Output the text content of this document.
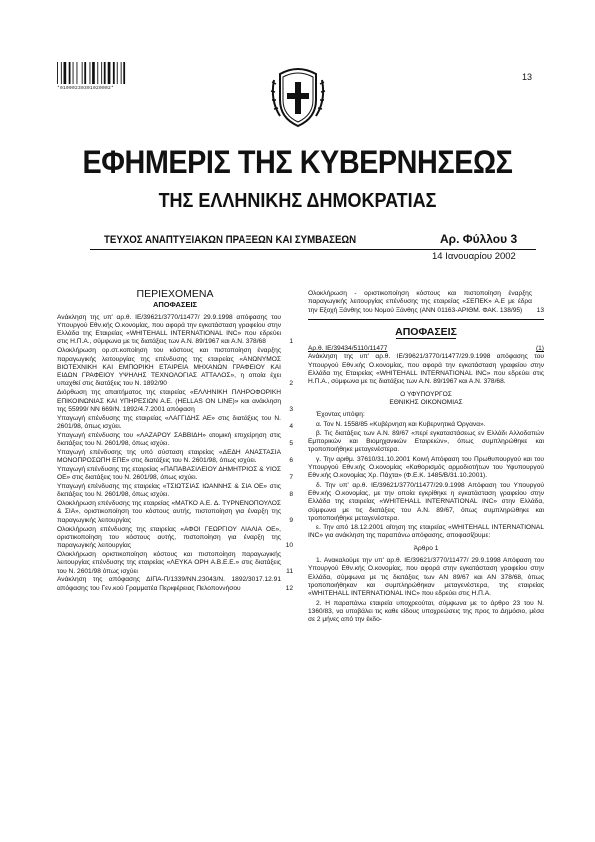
*01000230301020002*
13
ΕΦΗΜΕΡΙΣ ΤΗΣ ΚΥΒΕΡΝΗΣΕΩΣ
ΤΗΣ ΕΛΛΗΝΙΚΗΣ ΔΗΜΟΚΡΑΤΙΑΣ
ΤΕΥΧΟΣ ΑΝΑΠΤΥΞΙΑΚΩΝ ΠΡΑΞΕΩΝ ΚΑΙ ΣΥΜΒΑΣΕΩΝ	Αρ. Φύλλου 3
14 Ιανουαρίου 2002
ΠΕΡΙΕΧΟΜΕΝΑ
ΑΠΟΦΑΣΕΙΣ
Ανάκληση της υπ' αρ.θ. ΙΕ/39621/3770/11477/ 29.9.1998 απόφασης του Υπουργού Εθν.κής Ο.κονομίας, που αφορά την εγκατάσταση γραφείου στην Ελλάδα της Εταιρείας «WHITEHALL INTERNATIONAL INC» που εδρεύει στις Η.Π.Α., σύμφωνα με τις διατάξεις των Α.Ν. 89/1967 και Α.Ν. 378/68	1
Ολοκλήρωση ορ.στ.κοποίηση του κόστους και πιστοποίηση έναρξης παραγωγικής λειτουργίας της επένδυσης της εταιρείας «ΑΝΩΝΥΜΟΣ ΒΙΟΤΕΧΝΙΚΗ ΚΑΙ ΕΜΠΟΡΙΚΗ ΕΤΑΙΡΕΙΑ ΜΗΧΑΝΩΝ ΓΡΑΦΕΙΟΥ ΚΑΙ ΕΙΔΩΝ ΓΡΑΦΕΙΟΥ ΥΨΗΛΗΣ ΤΕΧΝΟΛΟΓΙΑΣ ΑΤΤΑΛΟΣ», η οποία έχει υπαχθεί στις διατάξεις του Ν. 1892/90	2
Διόρθωση της απαιτήματος της εταιρείας «ΕΛΛΗΝΙΚΗ ΠΛΗΡΟΦΟΡΙΚΗ ΕΠΙΚΟΙΝΩΝΙΑΣ ΚΑΙ ΥΠΗΡΕΣΙΩΝ Α.Ε. (HELLAS ON LINE)» και ανάκληση της 55999/ ΝΝ 669/Ν. 1892/4.7.2001 απόφαση	3
Υπαγωγή επένδυσης της εταιρείας «ΛΑΓΓΙΔΗΣ ΑΕ» στις διατάξεις του Ν. 2601/98, όπως ισχύει.	4
Υπαγωγή επένδυσης του «ΛΑΖΑΡΟΥ ΣΑΒΒΙΔΗ» ατομική επιχείρηση στις διατάξεις του Ν. 2601/98, όπως ισχύει.	5
Υπαγωγή επένδυσης της υπό σύσταση εταιρείας «ΔΕΔΗ ΑΝΑΣΤΑΣΙΑ ΜΟΝΟΠΡΟΣΩΠΗ ΕΠΕ» στις διατάξεις του Ν. 2601/98, όπως ισχύει.	6
Υπαγωγή επένδυσης της εταιρείας «ΠΑΠΑΒΑΣΙΛΕΙΟΥ ΔΗΜΗΤΡΙΟΣ & ΥΙΟΣ ΟΕ» στις διατάξεις του Ν. 2601/98, όπως ισχύει.	7
Υπαγωγή επένδυσης της εταιρείας «ΤΣΙΩΤΣΙΑΣ ΙΩΑΝΝΗΣ & ΣΙΑ ΟΕ» στις διατάξεις του Ν. 2601/98, όπως ισχύει.	8
Ολοκλήρωση επένδυσης της εταιρείας «ΜΑΤΚΟ Α.Ε. Δ. ΤΥΡΝΕΝΟΠΟΥΛΟΣ & ΣΙΑ», οριστικοποίηση του κόστους αυτής, πιστοποίηση για έναρξη της παραγωγικής λειτουργίας	9
Ολοκλήρωση επένδυσης της εταιρείας «ΑΦΟΙ ΓΕΩΡΓΙΟΥ ΛΙΑΛΙΑ ΟΕ», οριστικοποίηση του κόστους αυτής, πιστοποίηση για έναρξη της παραγωγικής λειτουργίας	10
Ολοκλήρωση οριστικοποίηση κόστους και πιστοποίηση παραγωγικής λειτουργίας επένδυσης της εταιρείας «ΛΕΥΚΑ ΟΡΗ Α.Β.Ε.Ε.» στις διατάξεις του Ν. 2601/98 όπως ισχύει	11
Ανάκληση της απόφασης ΔΙΠΑ-Π/1339/ΝΝ.23043/Ν. 1892/3017.12.91 απόφασης του Γεν.κού Γραμματέα Περιφέρειας Πελοποννήσου	12
Ολοκλήρωση - οριστικοποίηση κόστους και πιστοποίηση έναρξης παραγωγικής λειτουργίας επένδυσης της εταιρείας «ΣΕΠΕΚ» Α.Ε με έδρα την Εξοχή Ξάνθης του Νομού Ξάνθης (ΑΝΝ 01163-ΑΡΙΘΜ. ΦΑΚ. 138/95) 13
ΑΠΟΦΑΣΕΙΣ
Αρ.θ. ΙΕ/39434/5110/11477	(1)
Ανάκληση της υπ' αρ.θ. ΙΕ/39621/3770/11477/29.9.1998 απόφασης του Υπουργού Εθν.κής Ο.κονομίας, που αφορά την εγκατάσταση γραφείου στην Ελλάδα της Εταιρείας «WHITEHALL INTERNATIONAL INC» που εδρεύει στις Η.Π.Α., σύμφωνα με τις διατάξεις των Α.Ν. 89/1967 και Α.Ν. 378/68.
Ο ΥΦΥΠΟΥΡΓΟΣ
ΕΘΝΙΚΗΣ ΟΙΚΟΝΟΜΙΑΣ
Έχοντας υπόψη:
α. Τον Ν. 1558/85 «Κυβέρνηση και Κυβερνητικά Όργανα».
β. Τις διατάξεις των Α.Ν. 89/67 «περί εγκαταστάσεως εν Ελλάδι Αλλοδαπών Εμπορικών και Βιομηχανικών Εταιρειών», όπως συμπληρώθηκε και τροποποιήθηκε μεταγενέστερα.
γ. Την αριθμ. 37610/31.10.2001 Κοινή Απόφαση του Πρωθυπουργού και του Υπουργού Εθν.κής Ο.κονομίας «Καθορισμός αρμοδιοτήτων του Υφυπουργού Εθν.κής Ο.κονομίας Χρ. Πάχτα» (Φ.Ε.Κ. 1485/Β/31.10.2001).
δ. Την υπ' αρ.θ. ΙΕ/39621/3770/11477/29.9.1998 Απόφαση του Υπουργού Εθν.κής Ο.κονομίας, με την οποία εγκρίθηκε η εγκατάσταση γραφείου στην Ελλάδα της εταιρείας «WHITEHALL INTERNATIONAL INC» στην Ελλάδα, σύμφωνα με τις διατάξεις του Α.Ν. 89/67, όπως συμπληρώθηκε και τροποποιήθηκε μεταγενέστερα.
ε. Την από 18.12.2001 αίτηση της εταιρείας «WHITEHALL INTERNATIONAL INC» για ανάκληση της παραπάνω απόφασης, αποφασίζουμε:
Άρθρο 1
1. Ανακαλούμε την υπ' αρ.θ. ΙΕ/39621/3770/11477/ 29.9.1998 Απόφαση του Υπουργού Εθν.κής Ο.κονομίας, που αφορά στην εγκατάσταση γραφείου στην Ελλάδα, σύμφωνα με τις διατάξεις των ΑΝ 89/67 και ΑΝ 378/68, όπως τροποποιήθηκαν και συμπληρώθηκαν μεταγενέστερα, της εταιρείας «WHITEHALL INTERNATIONAL INC» που εδρεύει στις Η.Π.Α.
2. Η παραπάνω εταιρεία υποχρεούται, σύμφωνα με το άρθρο 23 του Ν. 1360/83, να υποβάλει τις καθε είδους υποχρεώσεις της προς το Δημόσιο, μέσα σε 2 μήνες από την έκδο-
